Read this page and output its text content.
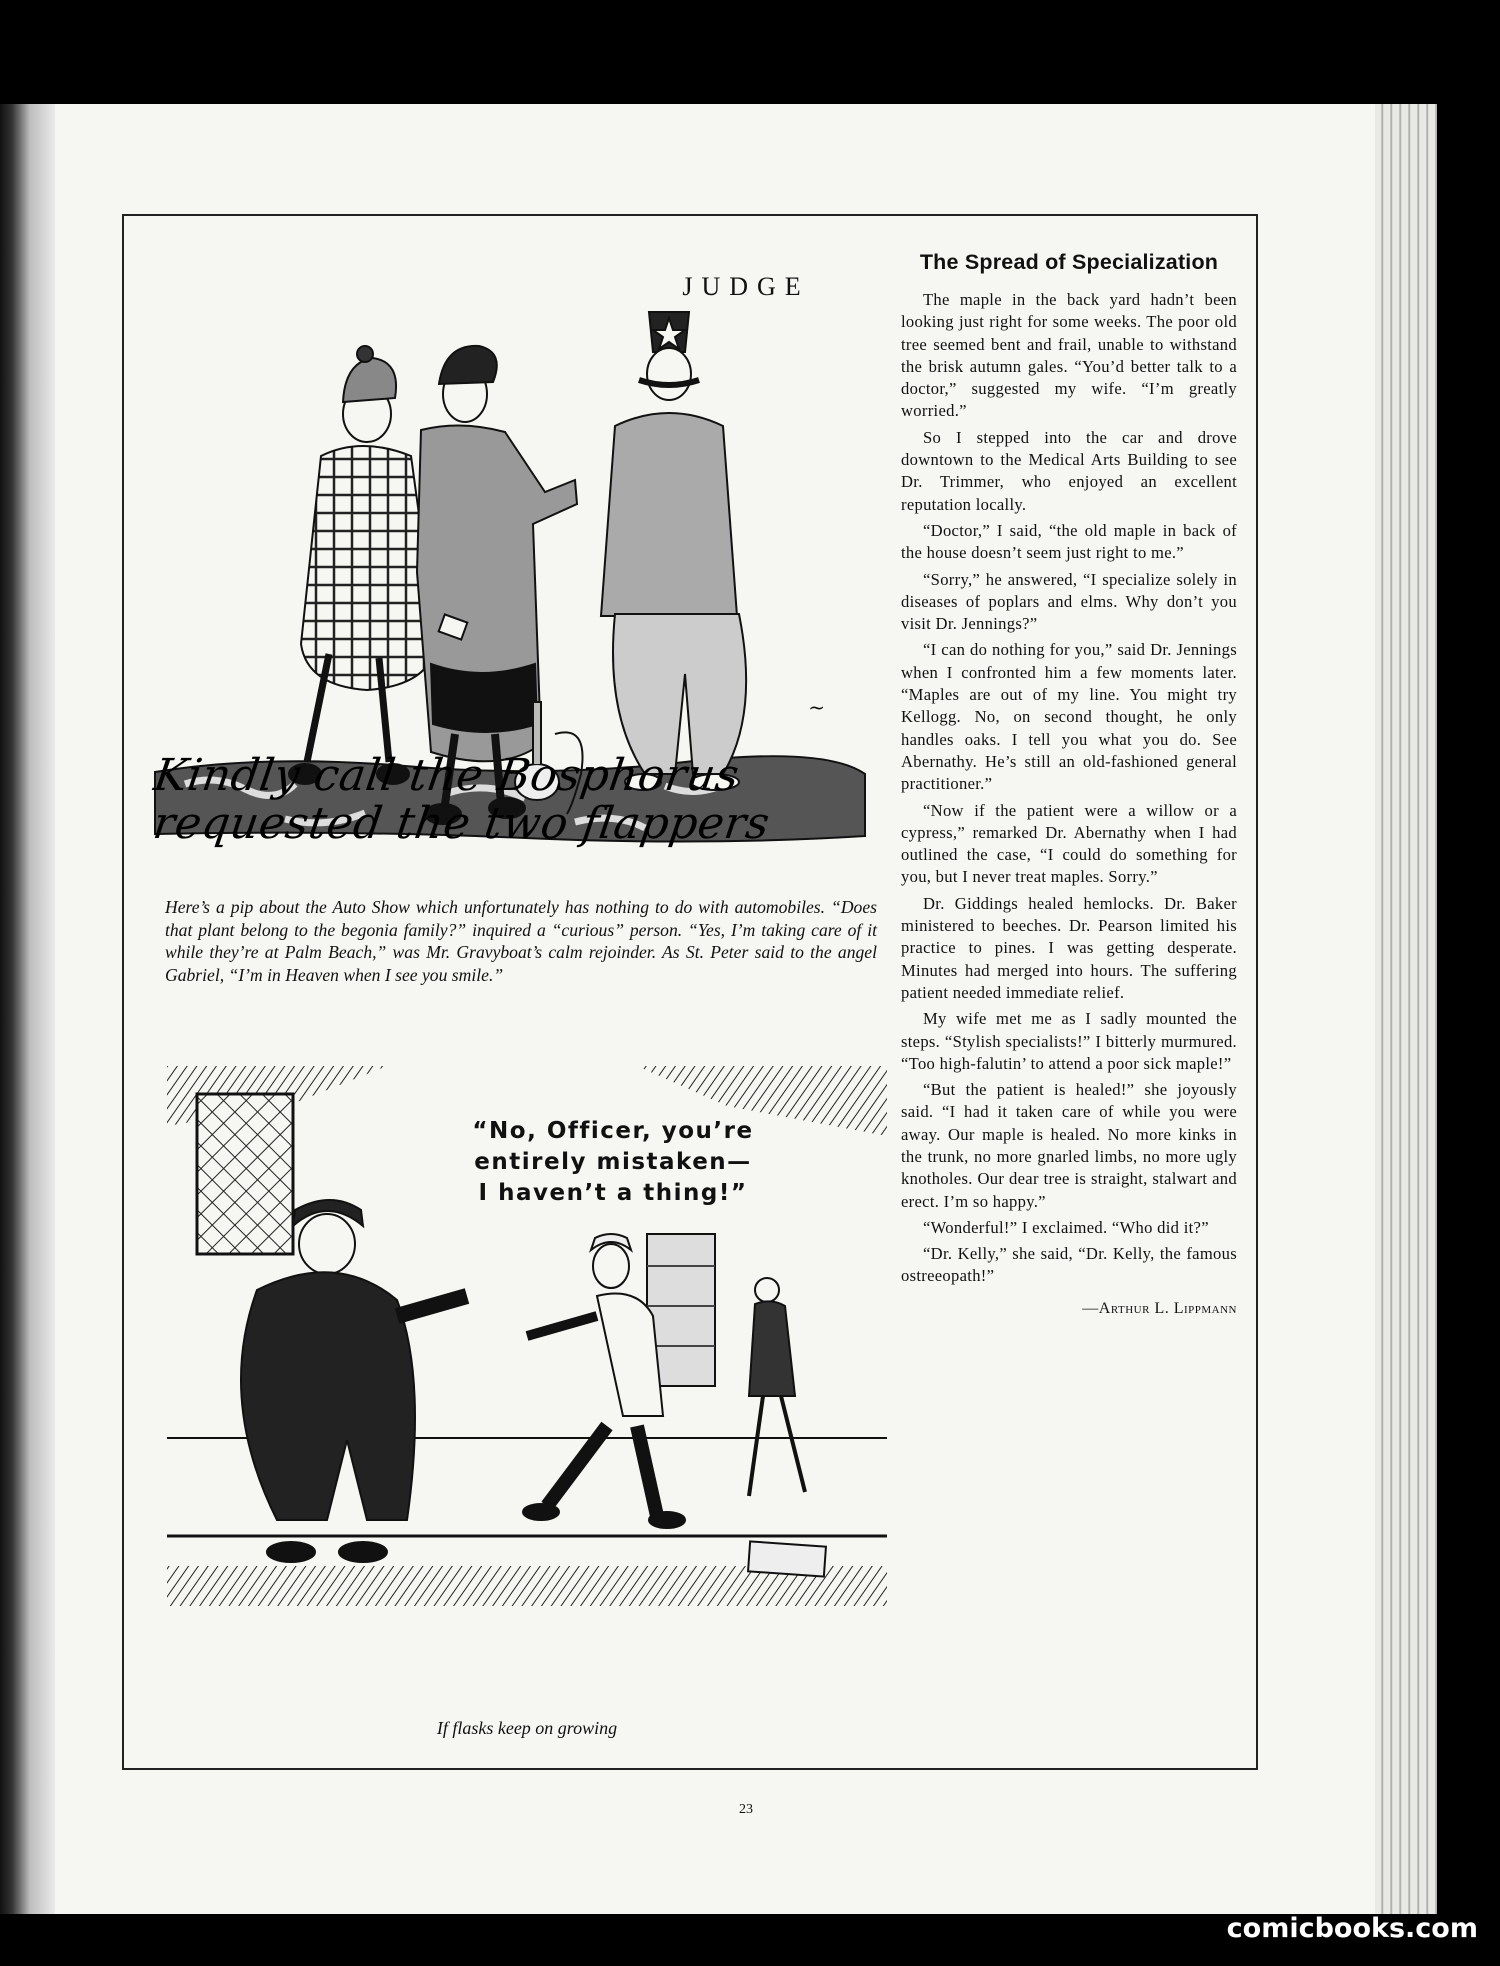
JUDGE
~
Kindly call the Bosphorus
requested the two flappers
Here’s a pip about the Auto Show which unfortunately has nothing to do with automobiles. “Does that plant belong to the begonia family?” inquired a “curious” person. “Yes, I’m taking care of it while they’re at Palm Beach,” was Mr. Gravyboat’s calm rejoinder. As St. Peter said to the angel Gabriel, “I’m in Heaven when I see you smile.”
“No, Officer, you’re
entirely mistaken—
I haven’t a thing!”
If flasks keep on growing
The Spread of Specialization

The maple in the back yard hadn’t been looking just right for some weeks. The poor old tree seemed bent and frail, unable to withstand the brisk autumn gales. “You’d better talk to a doctor,” suggested my wife. “I’m greatly worried.”

So I stepped into the car and drove downtown to the Medical Arts Building to see Dr. Trimmer, who enjoyed an excellent reputation locally.

“Doctor,” I said, “the old maple in back of the house doesn’t seem just right to me.”

“Sorry,” he answered, “I specialize solely in diseases of poplars and elms. Why don’t you visit Dr. Jennings?”

“I can do nothing for you,” said Dr. Jennings when I confronted him a few moments later. “Maples are out of my line. You might try Kellogg. No, on second thought, he only handles oaks. I tell you what you do. See Abernathy. He’s still an old-fashioned general practitioner.”

“Now if the patient were a willow or a cypress,” remarked Dr. Abernathy when I had outlined the case, “I could do something for you, but I never treat maples. Sorry.”

Dr. Giddings healed hemlocks. Dr. Baker ministered to beeches. Dr. Pearson limited his practice to pines. I was getting desperate. Minutes had merged into hours. The suffering patient needed immediate relief.

My wife met me as I sadly mounted the steps. “Stylish specialists!” I bitterly murmured. “Too high-falutin’ to attend a poor sick maple!”

“But the patient is healed!” she joyously said. “I had it taken care of while you were away. Our maple is healed. No more kinks in the trunk, no more gnarled limbs, no more ugly knotholes. Our dear tree is straight, stalwart and erect. I’m so happy.”

“Wonderful!” I exclaimed. “Who did it?”

“Dr. Kelly,” she said, “Dr. Kelly, the famous ostreeopath!”

—Arthur L. Lippmann

23
comicbooks.com
